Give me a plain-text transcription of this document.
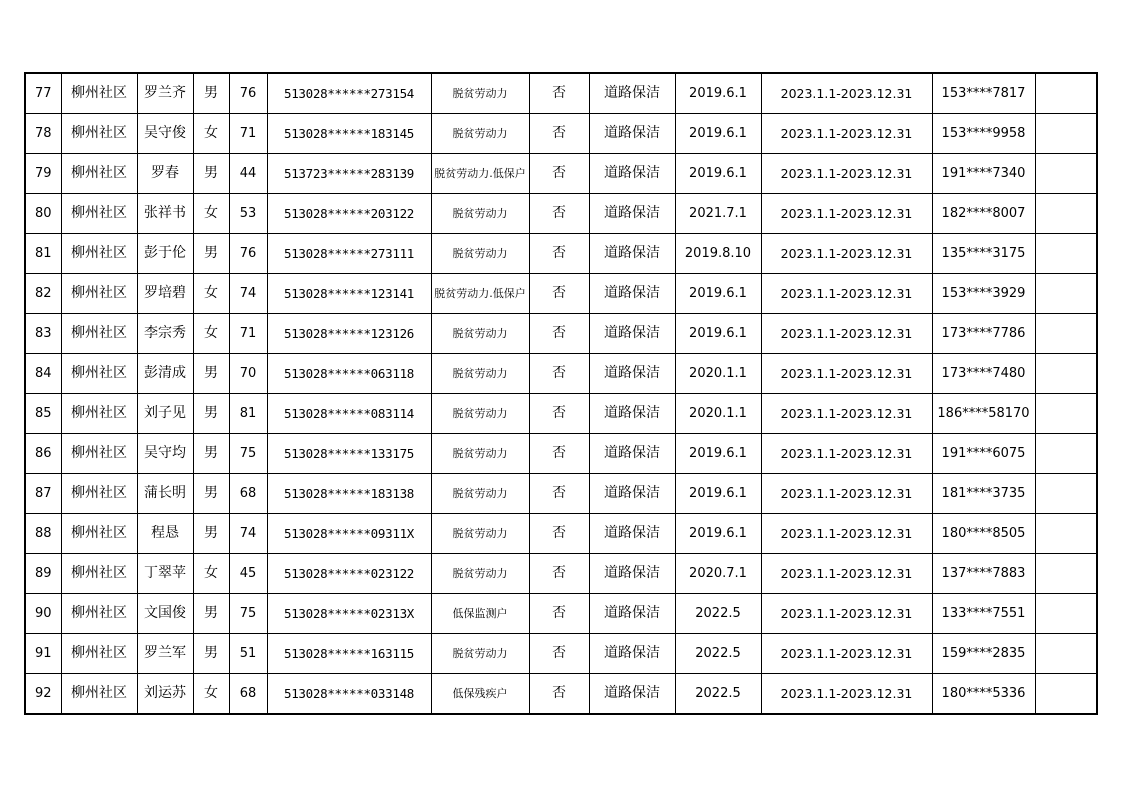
77	柳州社区	罗兰齐	男	76	513028******273154	脱贫劳动力	否	道路保洁	2019.6.1	2023.1.1-2023.12.31	153****7817	
78	柳州社区	吴守俊	女	71	513028******183145	脱贫劳动力	否	道路保洁	2019.6.1	2023.1.1-2023.12.31	153****9958	
79	柳州社区	罗春	男	44	513723******283139	脱贫劳动力.低保户	否	道路保洁	2019.6.1	2023.1.1-2023.12.31	191****7340	
80	柳州社区	张祥书	女	53	513028******203122	脱贫劳动力	否	道路保洁	2021.7.1	2023.1.1-2023.12.31	182****8007	
81	柳州社区	彭于伦	男	76	513028******273111	脱贫劳动力	否	道路保洁	2019.8.10	2023.1.1-2023.12.31	135****3175	
82	柳州社区	罗培碧	女	74	513028******123141	脱贫劳动力.低保户	否	道路保洁	2019.6.1	2023.1.1-2023.12.31	153****3929	
83	柳州社区	李宗秀	女	71	513028******123126	脱贫劳动力	否	道路保洁	2019.6.1	2023.1.1-2023.12.31	173****7786	
84	柳州社区	彭清成	男	70	513028******063118	脱贫劳动力	否	道路保洁	2020.1.1	2023.1.1-2023.12.31	173****7480	
85	柳州社区	刘子见	男	81	513028******083114	脱贫劳动力	否	道路保洁	2020.1.1	2023.1.1-2023.12.31	186****58170	
86	柳州社区	吴守均	男	75	513028******133175	脱贫劳动力	否	道路保洁	2019.6.1	2023.1.1-2023.12.31	191****6075	
87	柳州社区	蒲长明	男	68	513028******183138	脱贫劳动力	否	道路保洁	2019.6.1	2023.1.1-2023.12.31	181****3735	
88	柳州社区	程恳	男	74	513028******09311X	脱贫劳动力	否	道路保洁	2019.6.1	2023.1.1-2023.12.31	180****8505	
89	柳州社区	丁翠苹	女	45	513028******023122	脱贫劳动力	否	道路保洁	2020.7.1	2023.1.1-2023.12.31	137****7883	
90	柳州社区	文国俊	男	75	513028******02313X	低保监测户	否	道路保洁	2022.5	2023.1.1-2023.12.31	133****7551	
91	柳州社区	罗兰军	男	51	513028******163115	脱贫劳动力	否	道路保洁	2022.5	2023.1.1-2023.12.31	159****2835	
92	柳州社区	刘运苏	女	68	513028******033148	低保残疾户	否	道路保洁	2022.5	2023.1.1-2023.12.31	180****5336	
